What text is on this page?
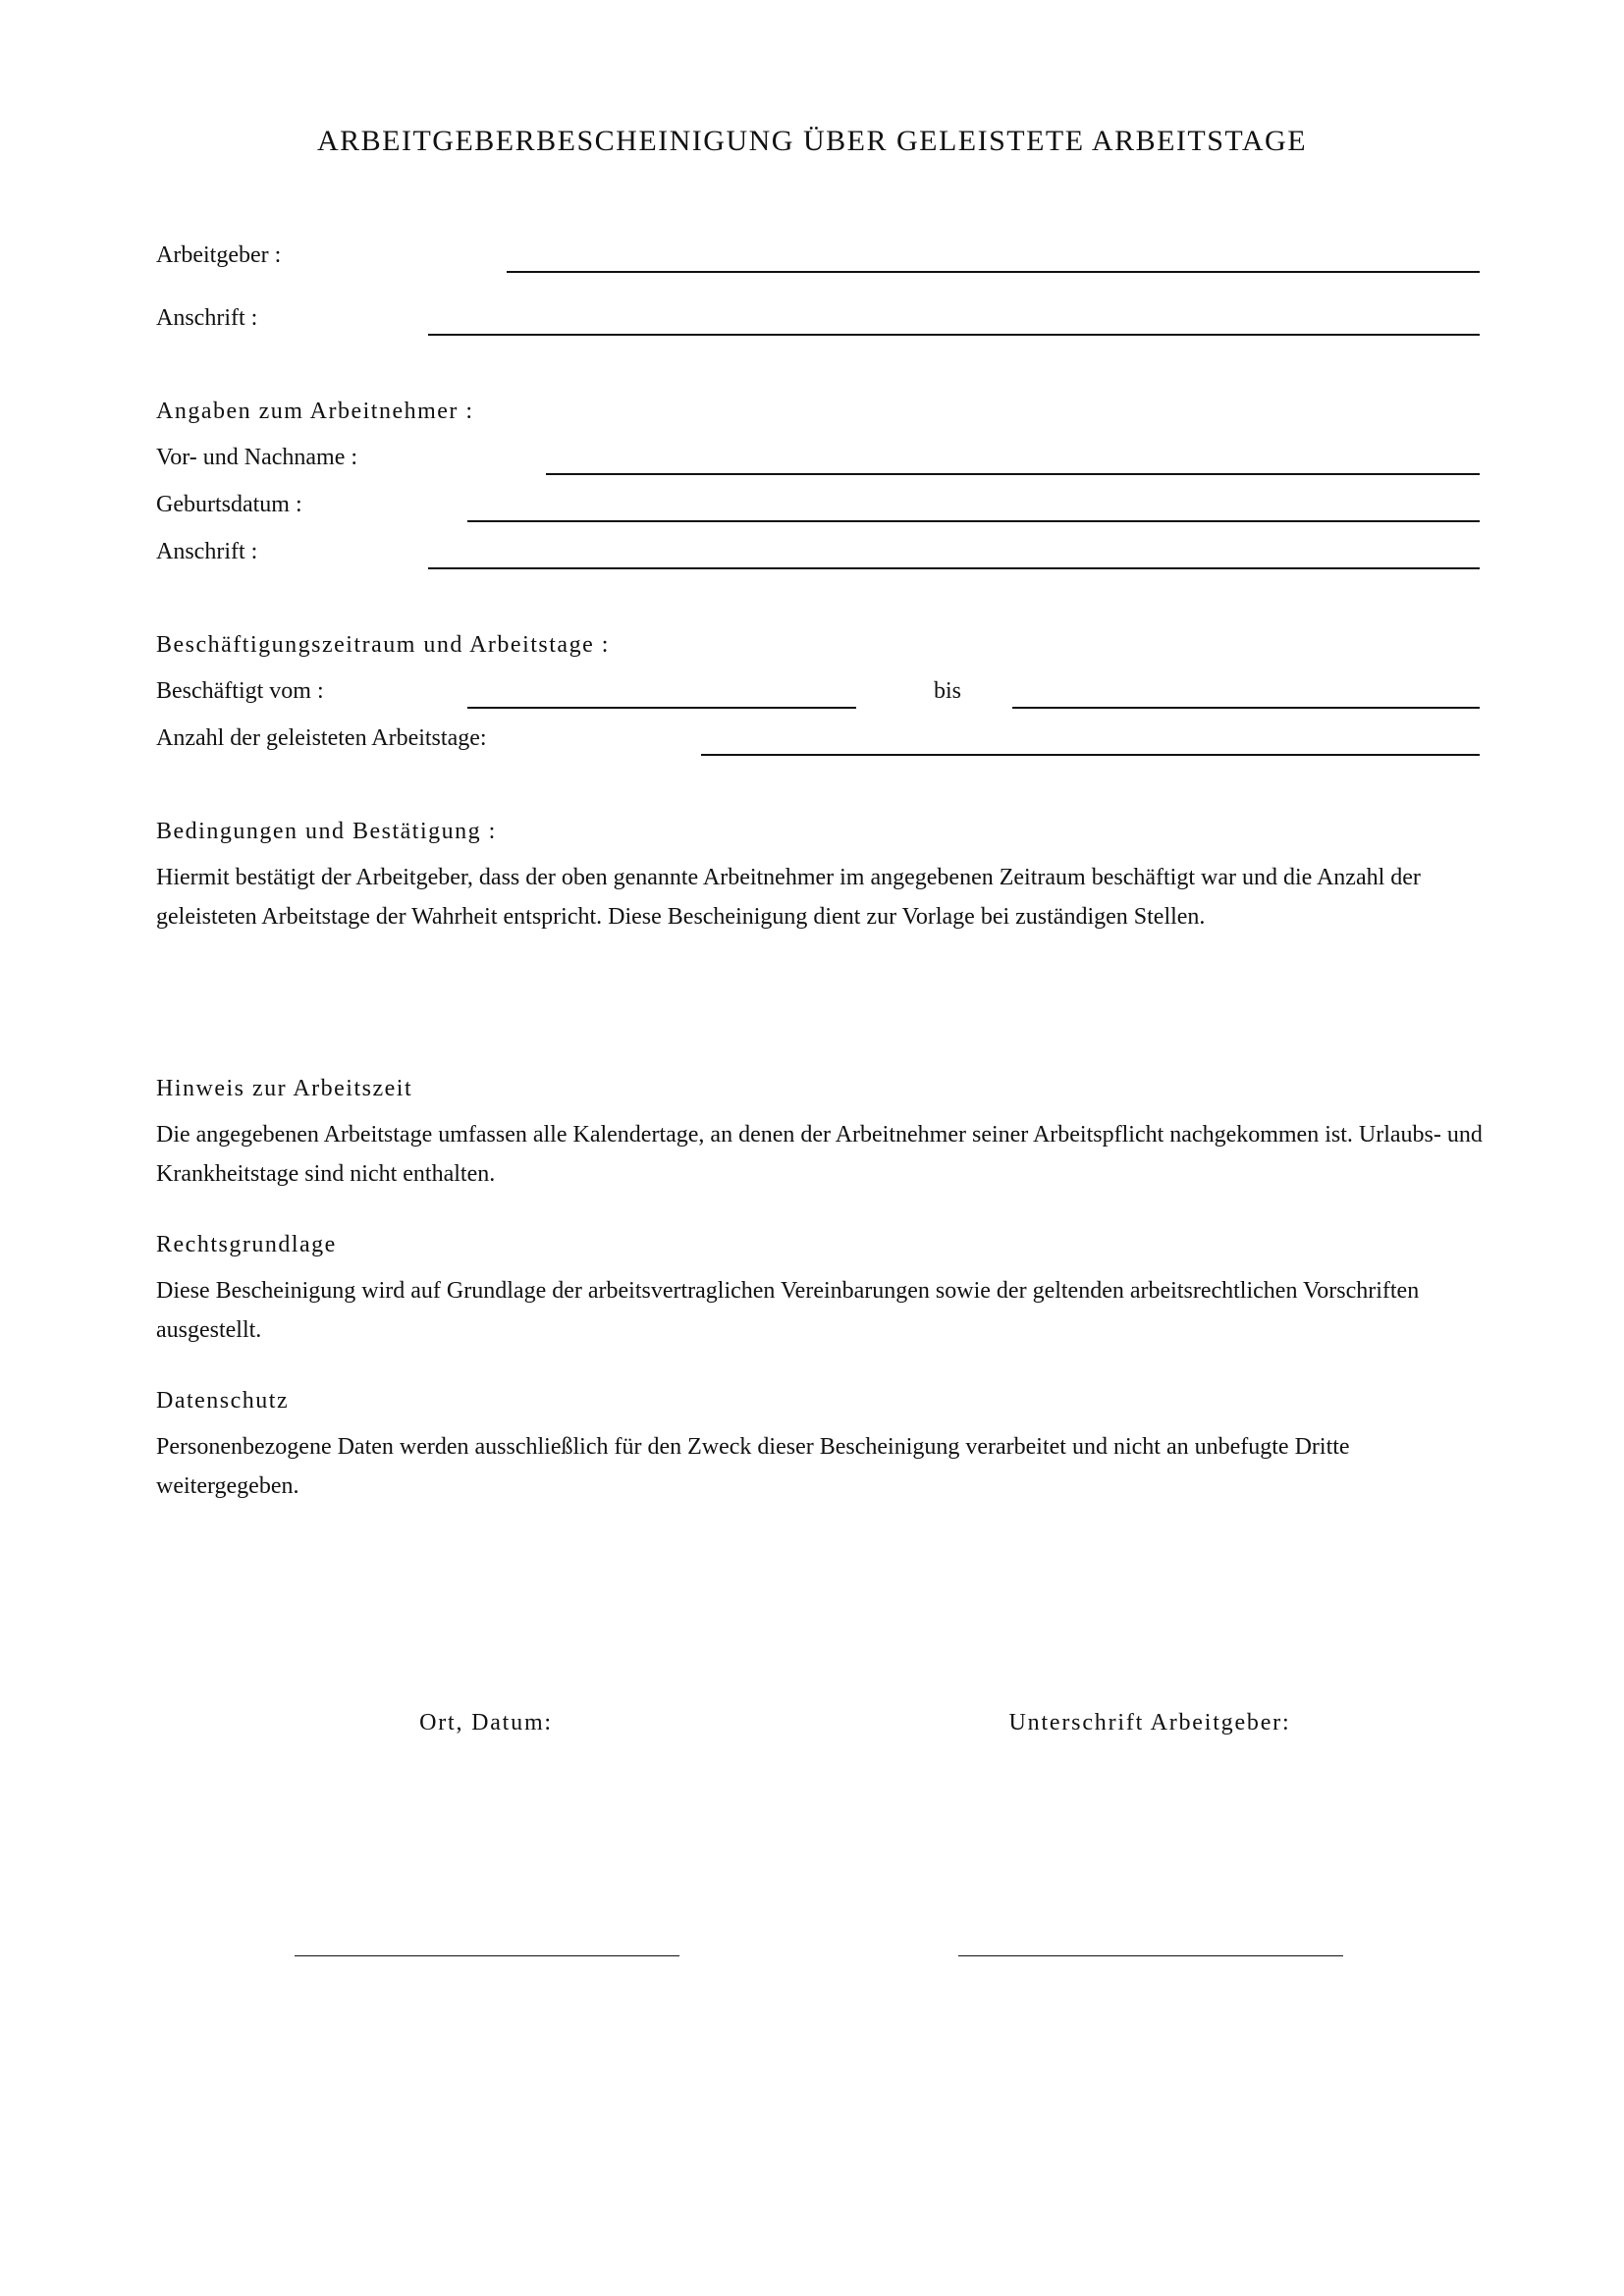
ARBEITGEBERBESCHEINIGUNG ÜBER GELEISTETE ARBEITSTAGE
Arbeitgeber :
Anschrift :
Angaben zum Arbeitnehmer :
Vor- und Nachname :
Geburtsdatum :
Anschrift :
Beschäftigungszeitraum und Arbeitstage :
Beschäftigt vom :	bis
Anzahl der geleisteten Arbeitstage:
Bedingungen und Bestätigung :
Hiermit bestätigt der Arbeitgeber, dass der oben genannte Arbeitnehmer im angegebenen Zeitraum beschäftigt war und die Anzahl der geleisteten Arbeitstage der Wahrheit entspricht. Diese Bescheinigung dient zur Vorlage bei zuständigen Stellen.
Hinweis zur Arbeitszeit
Die angegebenen Arbeitstage umfassen alle Kalendertage, an denen der Arbeitnehmer seiner Arbeitspflicht nachgekommen ist. Urlaubs- und Krankheitstage sind nicht enthalten.
Rechtsgrundlage
Diese Bescheinigung wird auf Grundlage der arbeitsvertraglichen Vereinbarungen sowie der geltenden arbeitsrechtlichen Vorschriften ausgestellt.
Datenschutz
Personenbezogene Daten werden ausschließlich für den Zweck dieser Bescheinigung verarbeitet und nicht an unbefugte Dritte weitergegeben.
Ort, Datum:	Unterschrift Arbeitgeber:
